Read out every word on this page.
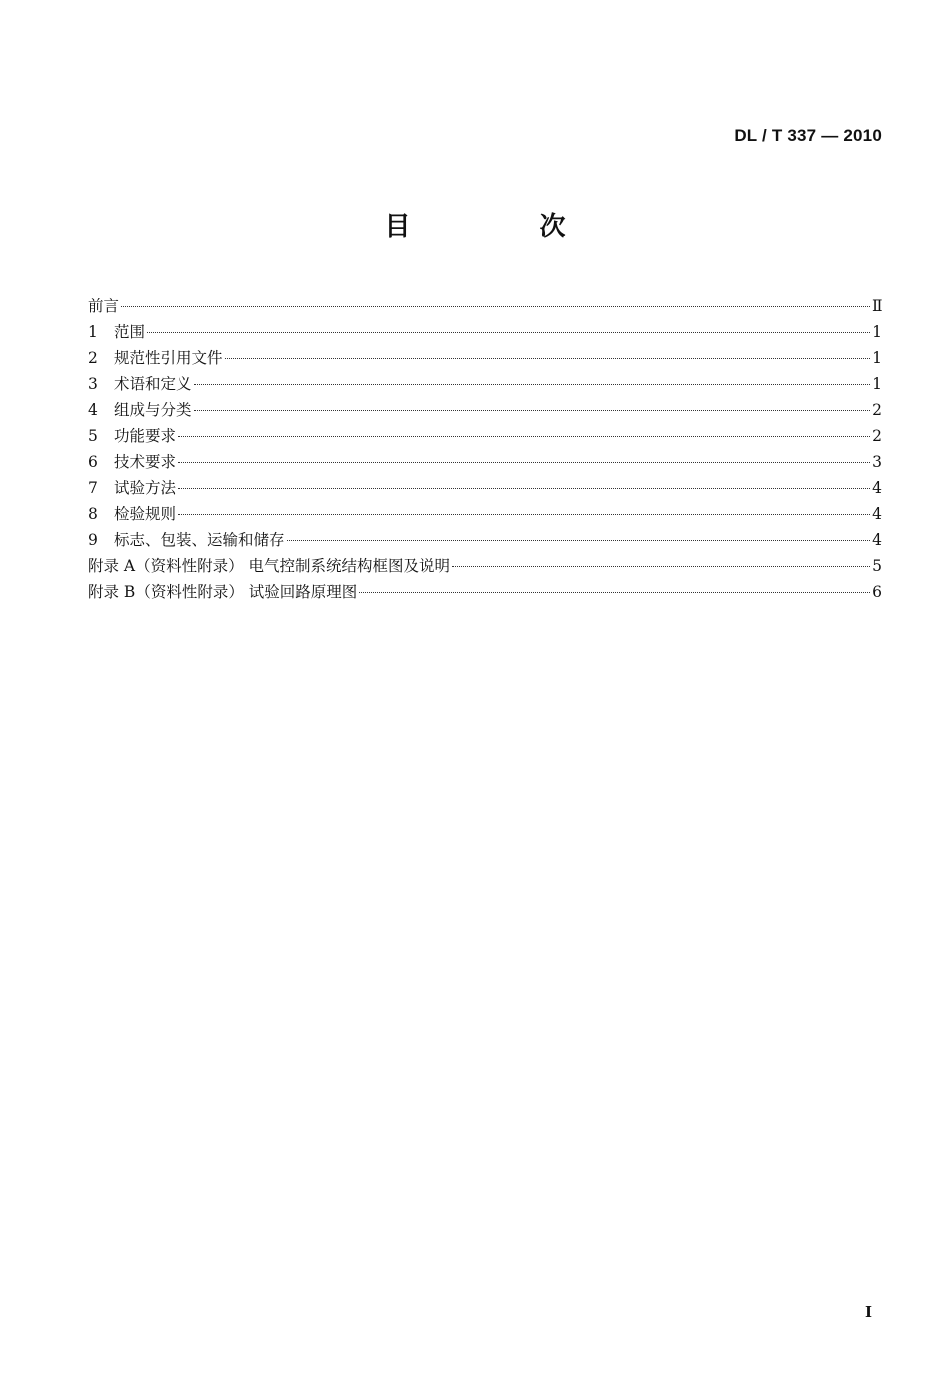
DL / T 337 — 2010
目 次
前言	Ⅱ
1	范围	1
2	规范性引用文件	1
3	术语和定义	1
4	组成与分类	2
5	功能要求	2
6	技术要求	3
7	试验方法	4
8	检验规则	4
9	标志、包装、运输和储存	4
附录 A（资料性附录） 电气控制系统结构框图及说明	5
附录 B（资料性附录） 试验回路原理图	6
I
